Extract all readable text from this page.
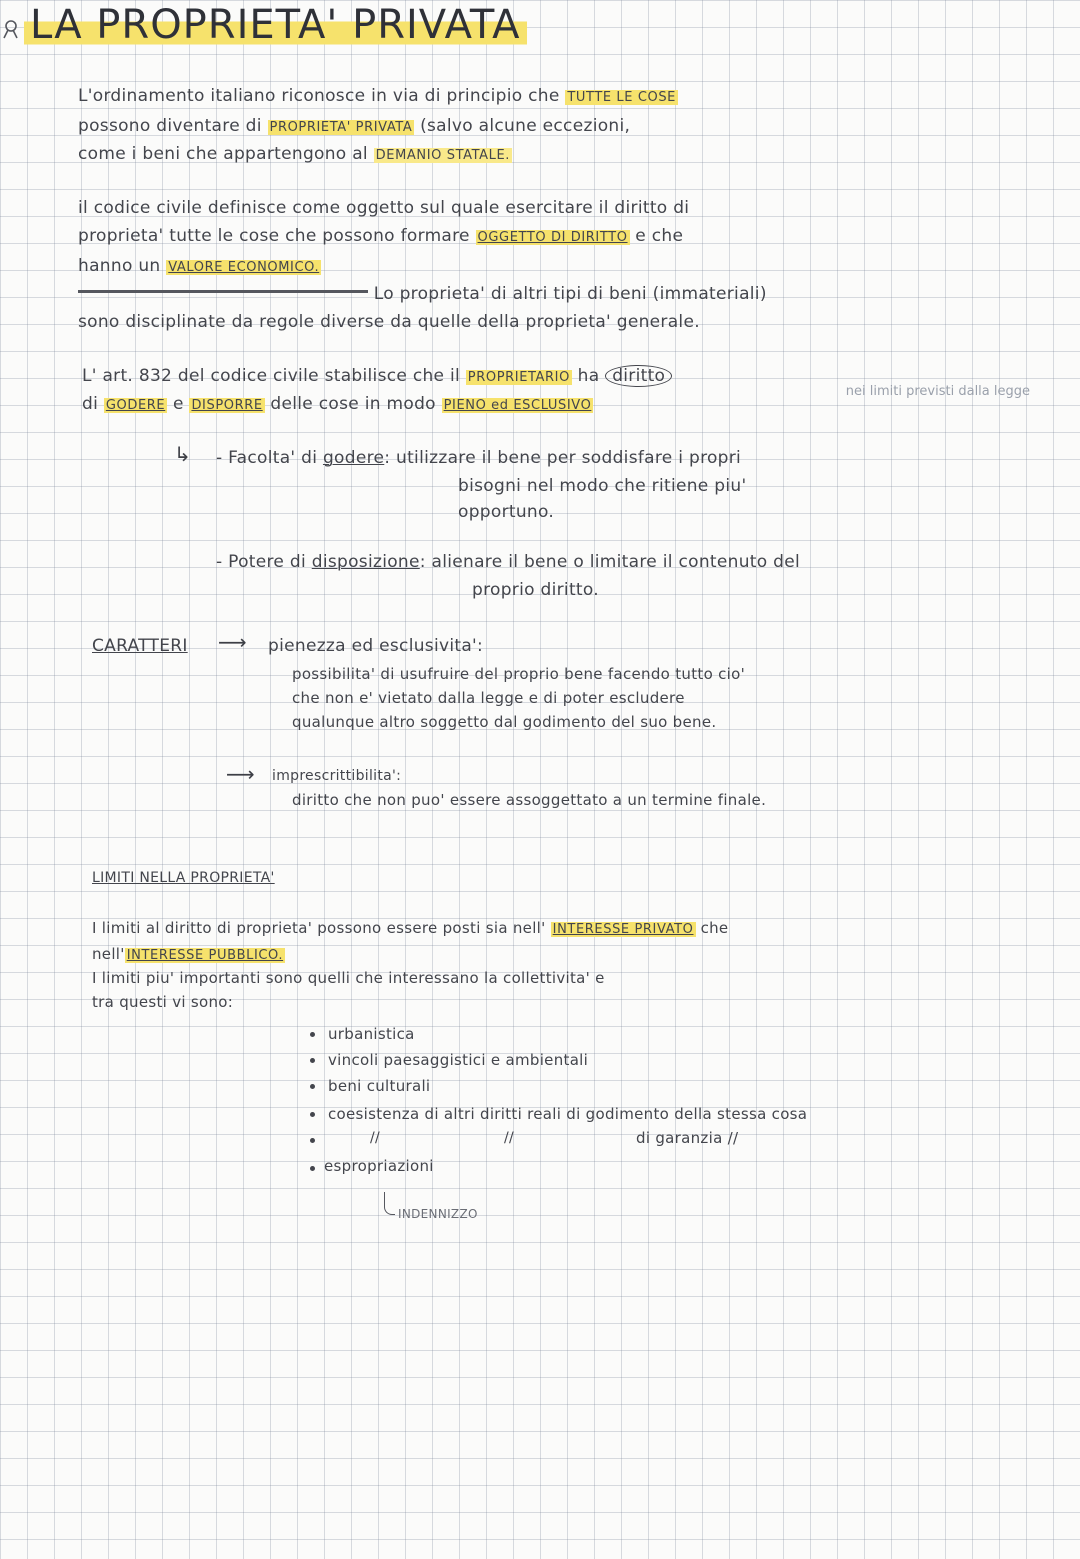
LA PROPRIETA' PRIVATA
L'ordinamento italiano riconosce in via di principio che TUTTE LE COSE
possono diventare di PROPRIETA' PRIVATA (salvo alcune eccezioni,
come i beni che appartengono al DEMANIO STATALE.
il codice civile definisce come oggetto sul quale esercitare il diritto di
proprieta' tutte le cose che possono formare OGGETTO DI DIRITTO e che
hanno un VALORE ECONOMICO.
Lo proprieta' di altri tipi di beni (immateriali)
sono disciplinate da regole diverse da quelle della proprieta' generale.
L' art. 832 del codice civile stabilisce che il PROPRIETARIO ha diritto
di GODERE e DISPORRE delle cose in modo PIENO ed ESCLUSIVO
nei limiti previsti dalla legge
↳ - Facolta' di godere: utilizzare il bene per soddisfare i propri
bisogni nel modo che ritiene piu'
opportuno.
- Potere di disposizione: alienare il bene o limitare il contenuto del
proprio diritto.
CARATTERI ⟶ pienezza ed esclusivita':
possibilita' di usufruire del proprio bene facendo tutto cio'
che non e' vietato dalla legge e di poter escludere
qualunque altro soggetto dal godimento del suo bene.
⟶ imprescrittibilita':
diritto che non puo' essere assoggettato a un termine finale.
LIMITI NELLA PROPRIETA'
I limiti al diritto di proprieta' possono essere posti sia nell' INTERESSE PRIVATO che
nell' INTERESSE PUBBLICO.
I limiti piu' importanti sono quelli che interessano la collettivita' e
tra questi vi sono:
urbanistica
vincoli paesaggistici e ambientali
beni culturali
coesistenza di altri diritti reali di godimento della stessa cosa
//	//	di garanzia //
espropriazioni
INDENNIZZO
